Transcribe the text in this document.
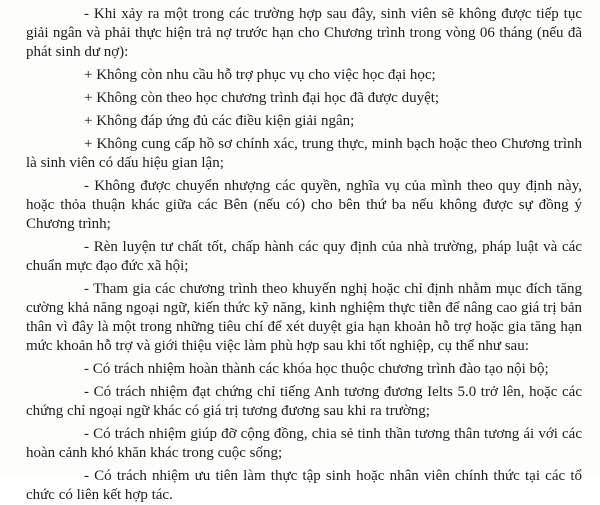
- Khi xảy ra một trong các trường hợp sau đây, sinh viên sẽ không được tiếp tục giải ngân và phải thực hiện trả nợ trước hạn cho Chương trình trong vòng 06 tháng (nếu đã phát sinh dư nợ):

+ Không còn nhu cầu hỗ trợ phục vụ cho việc học đại học;

+ Không còn theo học chương trình đại học đã được duyệt;

+ Không đáp ứng đủ các điều kiện giải ngân;

+ Không cung cấp hồ sơ chính xác, trung thực, minh bạch hoặc theo Chương trình là sinh viên có dấu hiệu gian lận;

- Không được chuyển nhượng các quyền, nghĩa vụ của mình theo quy định này, hoặc thỏa thuận khác giữa các Bên (nếu có) cho bên thứ ba nếu không được sự đồng ý Chương trình;

- Rèn luyện tư chất tốt, chấp hành các quy định của nhà trường, pháp luật và các chuẩn mực đạo đức xã hội;

- Tham gia các chương trình theo khuyến nghị hoặc chỉ định nhằm mục đích tăng cường khả năng ngoại ngữ, kiến thức kỹ năng, kinh nghiệm thực tiễn để nâng cao giá trị bản thân vì đây là một trong những tiêu chí để xét duyệt gia hạn khoản hỗ trợ hoặc gia tăng hạn mức khoản hỗ trợ và giới thiệu việc làm phù hợp sau khi tốt nghiệp, cụ thể như sau:

- Có trách nhiệm hoàn thành các khóa học thuộc chương trình đào tạo nội bộ;

- Có trách nhiệm đạt chứng chỉ tiếng Anh tương đương Ielts 5.0 trở lên, hoặc các chứng chỉ ngoại ngữ khác có giá trị tương đương sau khi ra trường;

- Có trách nhiệm giúp đỡ cộng đồng, chia sẻ tinh thần tương thân tương ái với các hoàn cảnh khó khăn khác trong cuộc sống;

- Có trách nhiệm ưu tiên làm thực tập sinh hoặc nhân viên chính thức tại các tổ chức có liên kết hợp tác.
